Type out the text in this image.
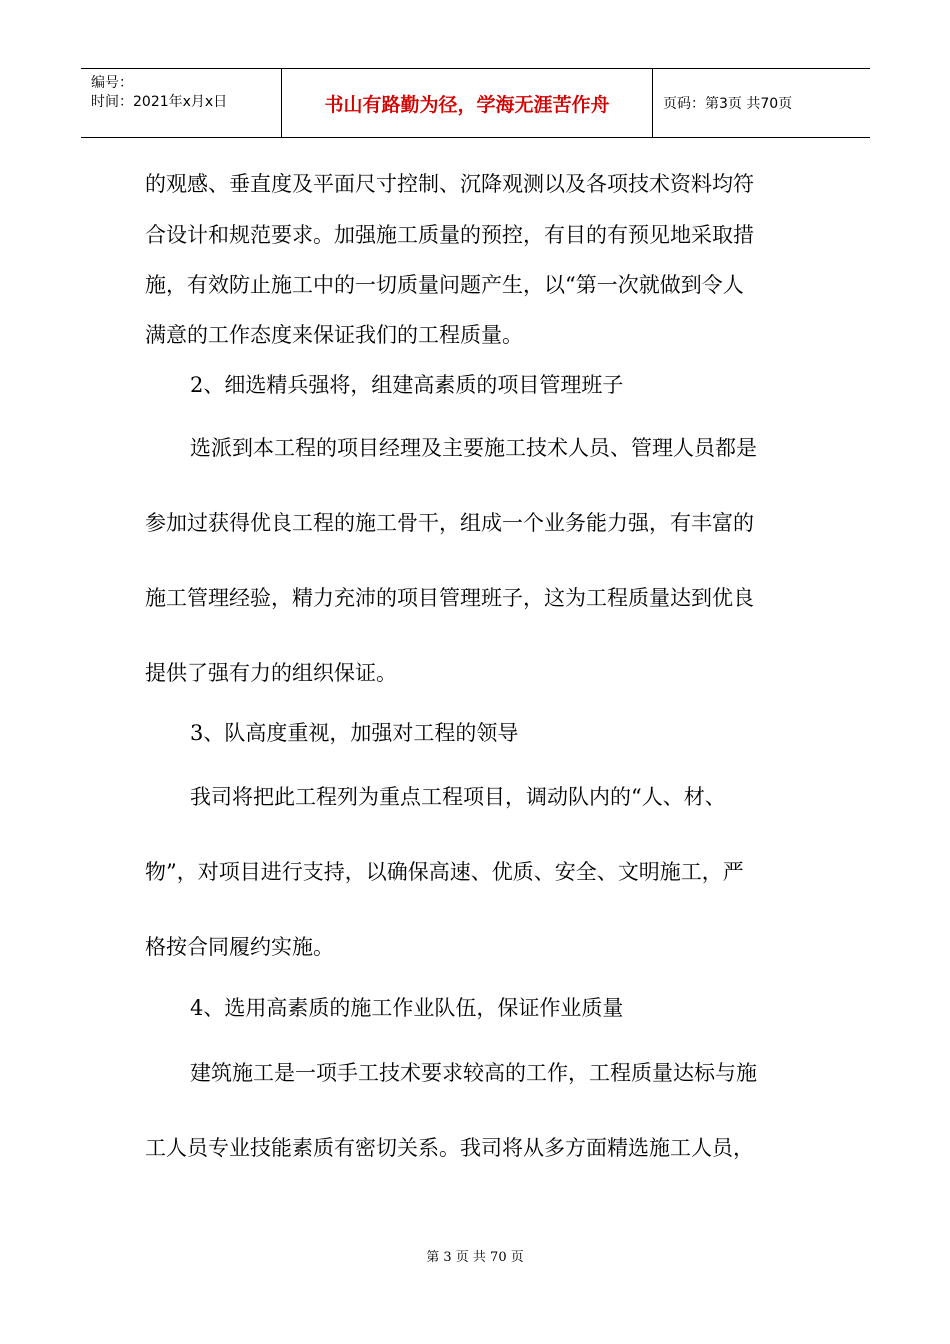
编号：
时间：2021年x月x日	书山有路勤为径，学海无涯苦作舟	页码：第3页 共70页
的观感、垂直度及平面尺寸控制、沉降观测以及各项技术资料均符
合设计和规范要求。加强施工质量的预控，有目的有预见地采取措
施，有效防止施工中的一切质量问题产生，以“第一次就做到令人
满意的工作态度来保证我们的工程质量。
2、细选精兵强将，组建高素质的项目管理班子
选派到本工程的项目经理及主要施工技术人员、管理人员都是
参加过获得优良工程的施工骨干，组成一个业务能力强，有丰富的
施工管理经验，精力充沛的项目管理班子，这为工程质量达到优良
提供了强有力的组织保证。
3、队高度重视，加强对工程的领导
我司将把此工程列为重点工程项目，调动队内的“人、材、
物”，对项目进行支持，以确保高速、优质、安全、文明施工，严
格按合同履约实施。
4、选用高素质的施工作业队伍，保证作业质量
建筑施工是一项手工技术要求较高的工作，工程质量达标与施
工人员专业技能素质有密切关系。我司将从多方面精选施工人员，
第 3 页 共 70 页
